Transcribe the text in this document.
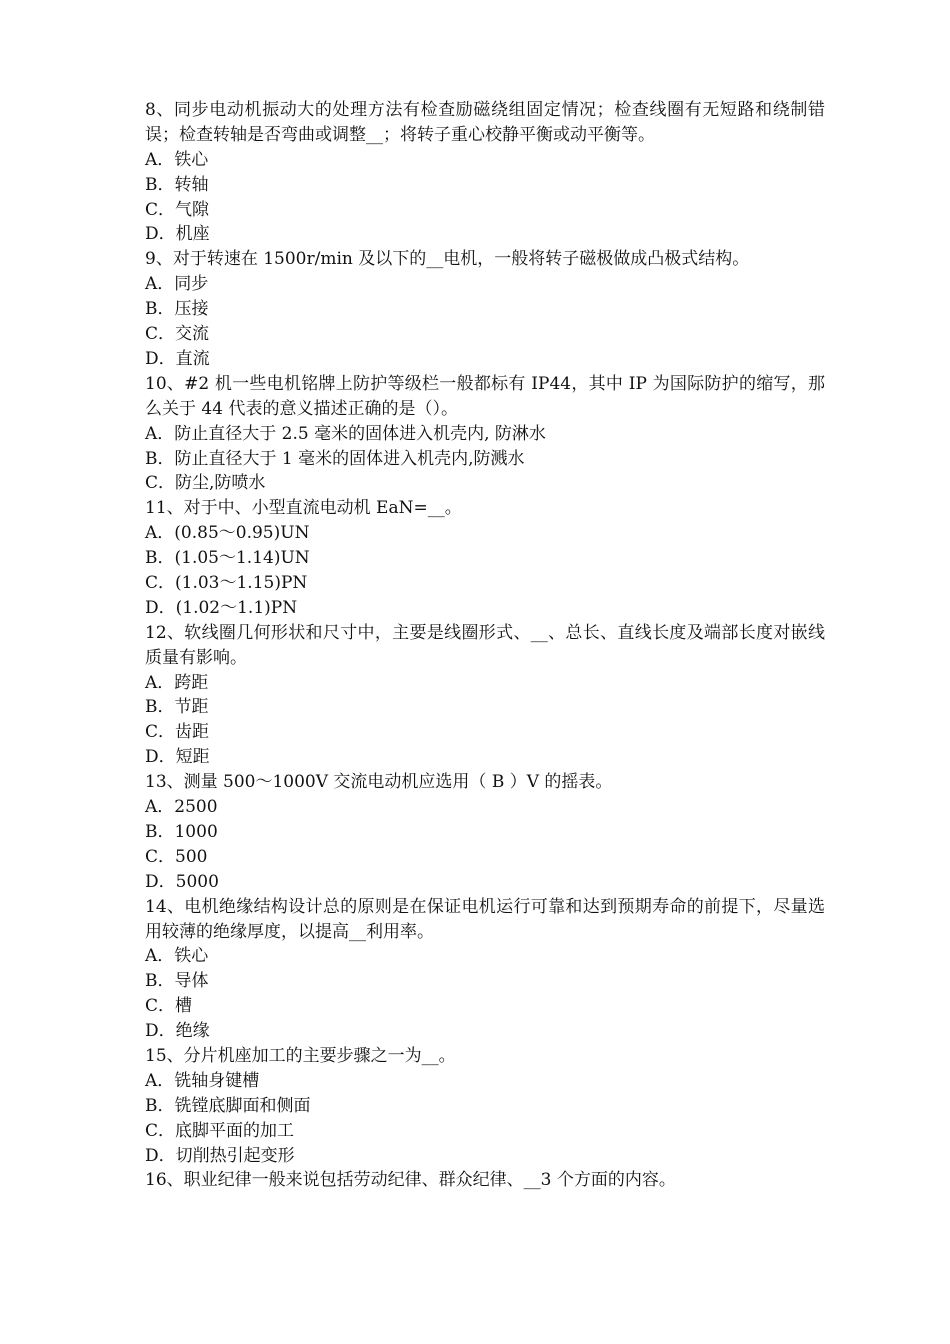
8、同步电动机振动大的处理方法有检查励磁绕组固定情况；检查线圈有无短路和绕制错误；检查转轴是否弯曲或调整__；将转子重心校静平衡或动平衡等。
A．铁心
B．转轴
C．气隙
D．机座
9、对于转速在 1500r/min 及以下的__电机，一般将转子磁极做成凸极式结构。
A．同步
B．压接
C．交流
D．直流
10、#2 机一些电机铭牌上防护等级栏一般都标有 IP44，其中 IP 为国际防护的缩写，那么关于 44 代表的意义描述正确的是（）。
A．防止直径大于 2.5 毫米的固体进入机壳内, 防淋水
B．防止直径大于 1 毫米的固体进入机壳内,防溅水
C．防尘,防喷水
11、对于中、小型直流电动机 EaN=__。
A．(0.85～0.95)UN
B．(1.05～1.14)UN
C．(1.03～1.15)PN
D．(1.02～1.1)PN
12、软线圈几何形状和尺寸中，主要是线圈形式、__、总长、直线长度及端部长度对嵌线质量有影响。
A．跨距
B．节距
C．齿距
D．短距
13、测量 500～1000V 交流电动机应选用（ B ）V 的摇表。
A．2500
B．1000
C．500
D．5000
14、电机绝缘结构设计总的原则是在保证电机运行可靠和达到预期寿命的前提下，尽量选用较薄的绝缘厚度，以提高__利用率。
A．铁心
B．导体
C．槽
D．绝缘
15、分片机座加工的主要步骤之一为__。
A．铣轴身键槽
B．铣镗底脚面和侧面
C．底脚平面的加工
D．切削热引起变形
16、职业纪律一般来说包括劳动纪律、群众纪律、__3 个方面的内容。
